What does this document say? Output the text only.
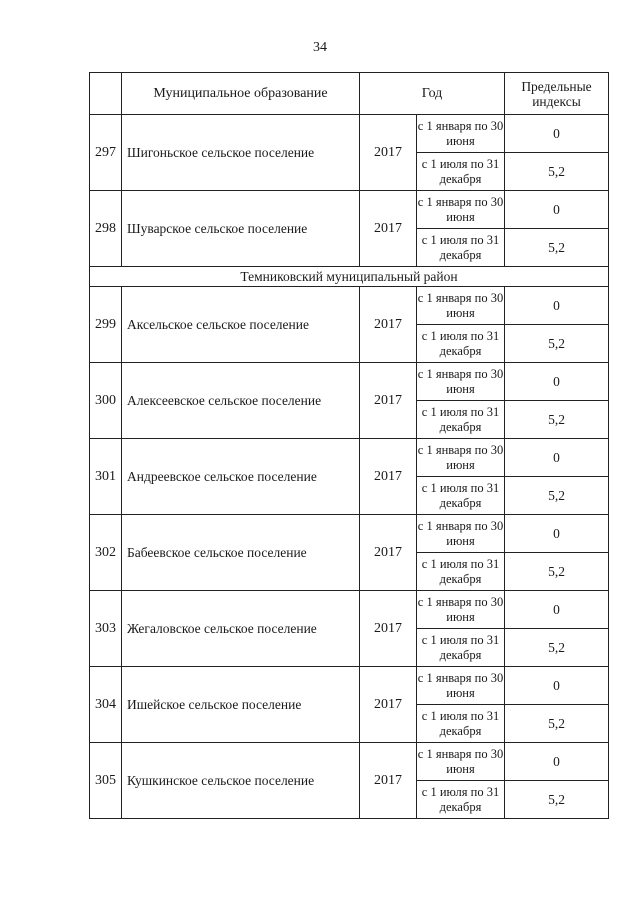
34
	Муниципальное образование	Год		Предельные индексы
297	Шигоньское сельское поселение	2017	с 1 января по 30 июня	0
			с 1 июля по 31 декабря	5,2
298	Шуварское сельское поселение	2017	с 1 января по 30 июня	0
			с 1 июля по 31 декабря	5,2
Темниковский муниципальный район				
299	Аксельское сельское поселение	2017	с 1 января по 30 июня	0
			с 1 июля по 31 декабря	5,2
300	Алексеевское сельское поселение	2017	с 1 января по 30 июня	0
			с 1 июля по 31 декабря	5,2
301	Андреевское сельское поселение	2017	с 1 января по 30 июня	0
			с 1 июля по 31 декабря	5,2
302	Бабеевское сельское поселение	2017	с 1 января по 30 июня	0
			с 1 июля по 31 декабря	5,2
303	Жегаловское сельское поселение	2017	с 1 января по 30 июня	0
			с 1 июля по 31 декабря	5,2
304	Ишейское сельское поселение	2017	с 1 января по 30 июня	0
			с 1 июля по 31 декабря	5,2
305	Кушкинское сельское поселение	2017	с 1 января по 30 июня	0
			с 1 июля по 31 декабря	5,2
